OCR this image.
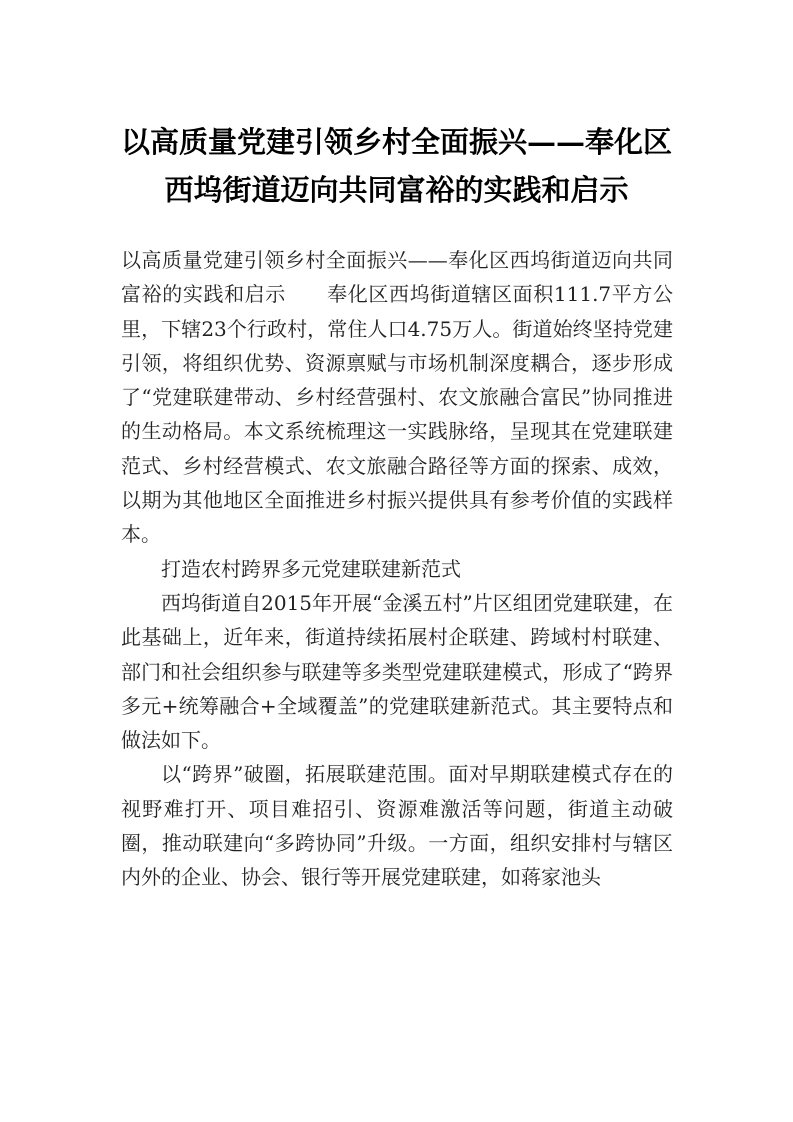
以高质量党建引领乡村全面振兴——奉化区西坞街道迈向共同富裕的实践和启示

以高质量党建引领乡村全面振兴——奉化区西坞街道迈向共同富裕的实践和启示　　奉化区西坞街道辖区面积111.7平方公里，下辖23个行政村，常住人口4.75万人。街道始终坚持党建引领，将组织优势、资源禀赋与市场机制深度耦合，逐步形成了“党建联建带动、乡村经营强村、农文旅融合富民”协同推进的生动格局。本文系统梳理这一实践脉络，呈现其在党建联建范式、乡村经营模式、农文旅融合路径等方面的探索、成效，以期为其他地区全面推进乡村振兴提供具有参考价值的实践样本。

打造农村跨界多元党建联建新范式

西坞街道自2015年开展“金溪五村”片区组团党建联建，在此基础上，近年来，街道持续拓展村企联建、跨域村村联建、部门和社会组织参与联建等多类型党建联建模式，形成了“跨界多元+统筹融合+全域覆盖”的党建联建新范式。其主要特点和做法如下。

以“跨界”破圈，拓展联建范围。面对早期联建模式存在的视野难打开、项目难招引、资源难激活等问题，街道主动破圈，推动联建向“多跨协同”升级。一方面，组织安排村与辖区内外的企业、协会、银行等开展党建联建，如蒋家池头
